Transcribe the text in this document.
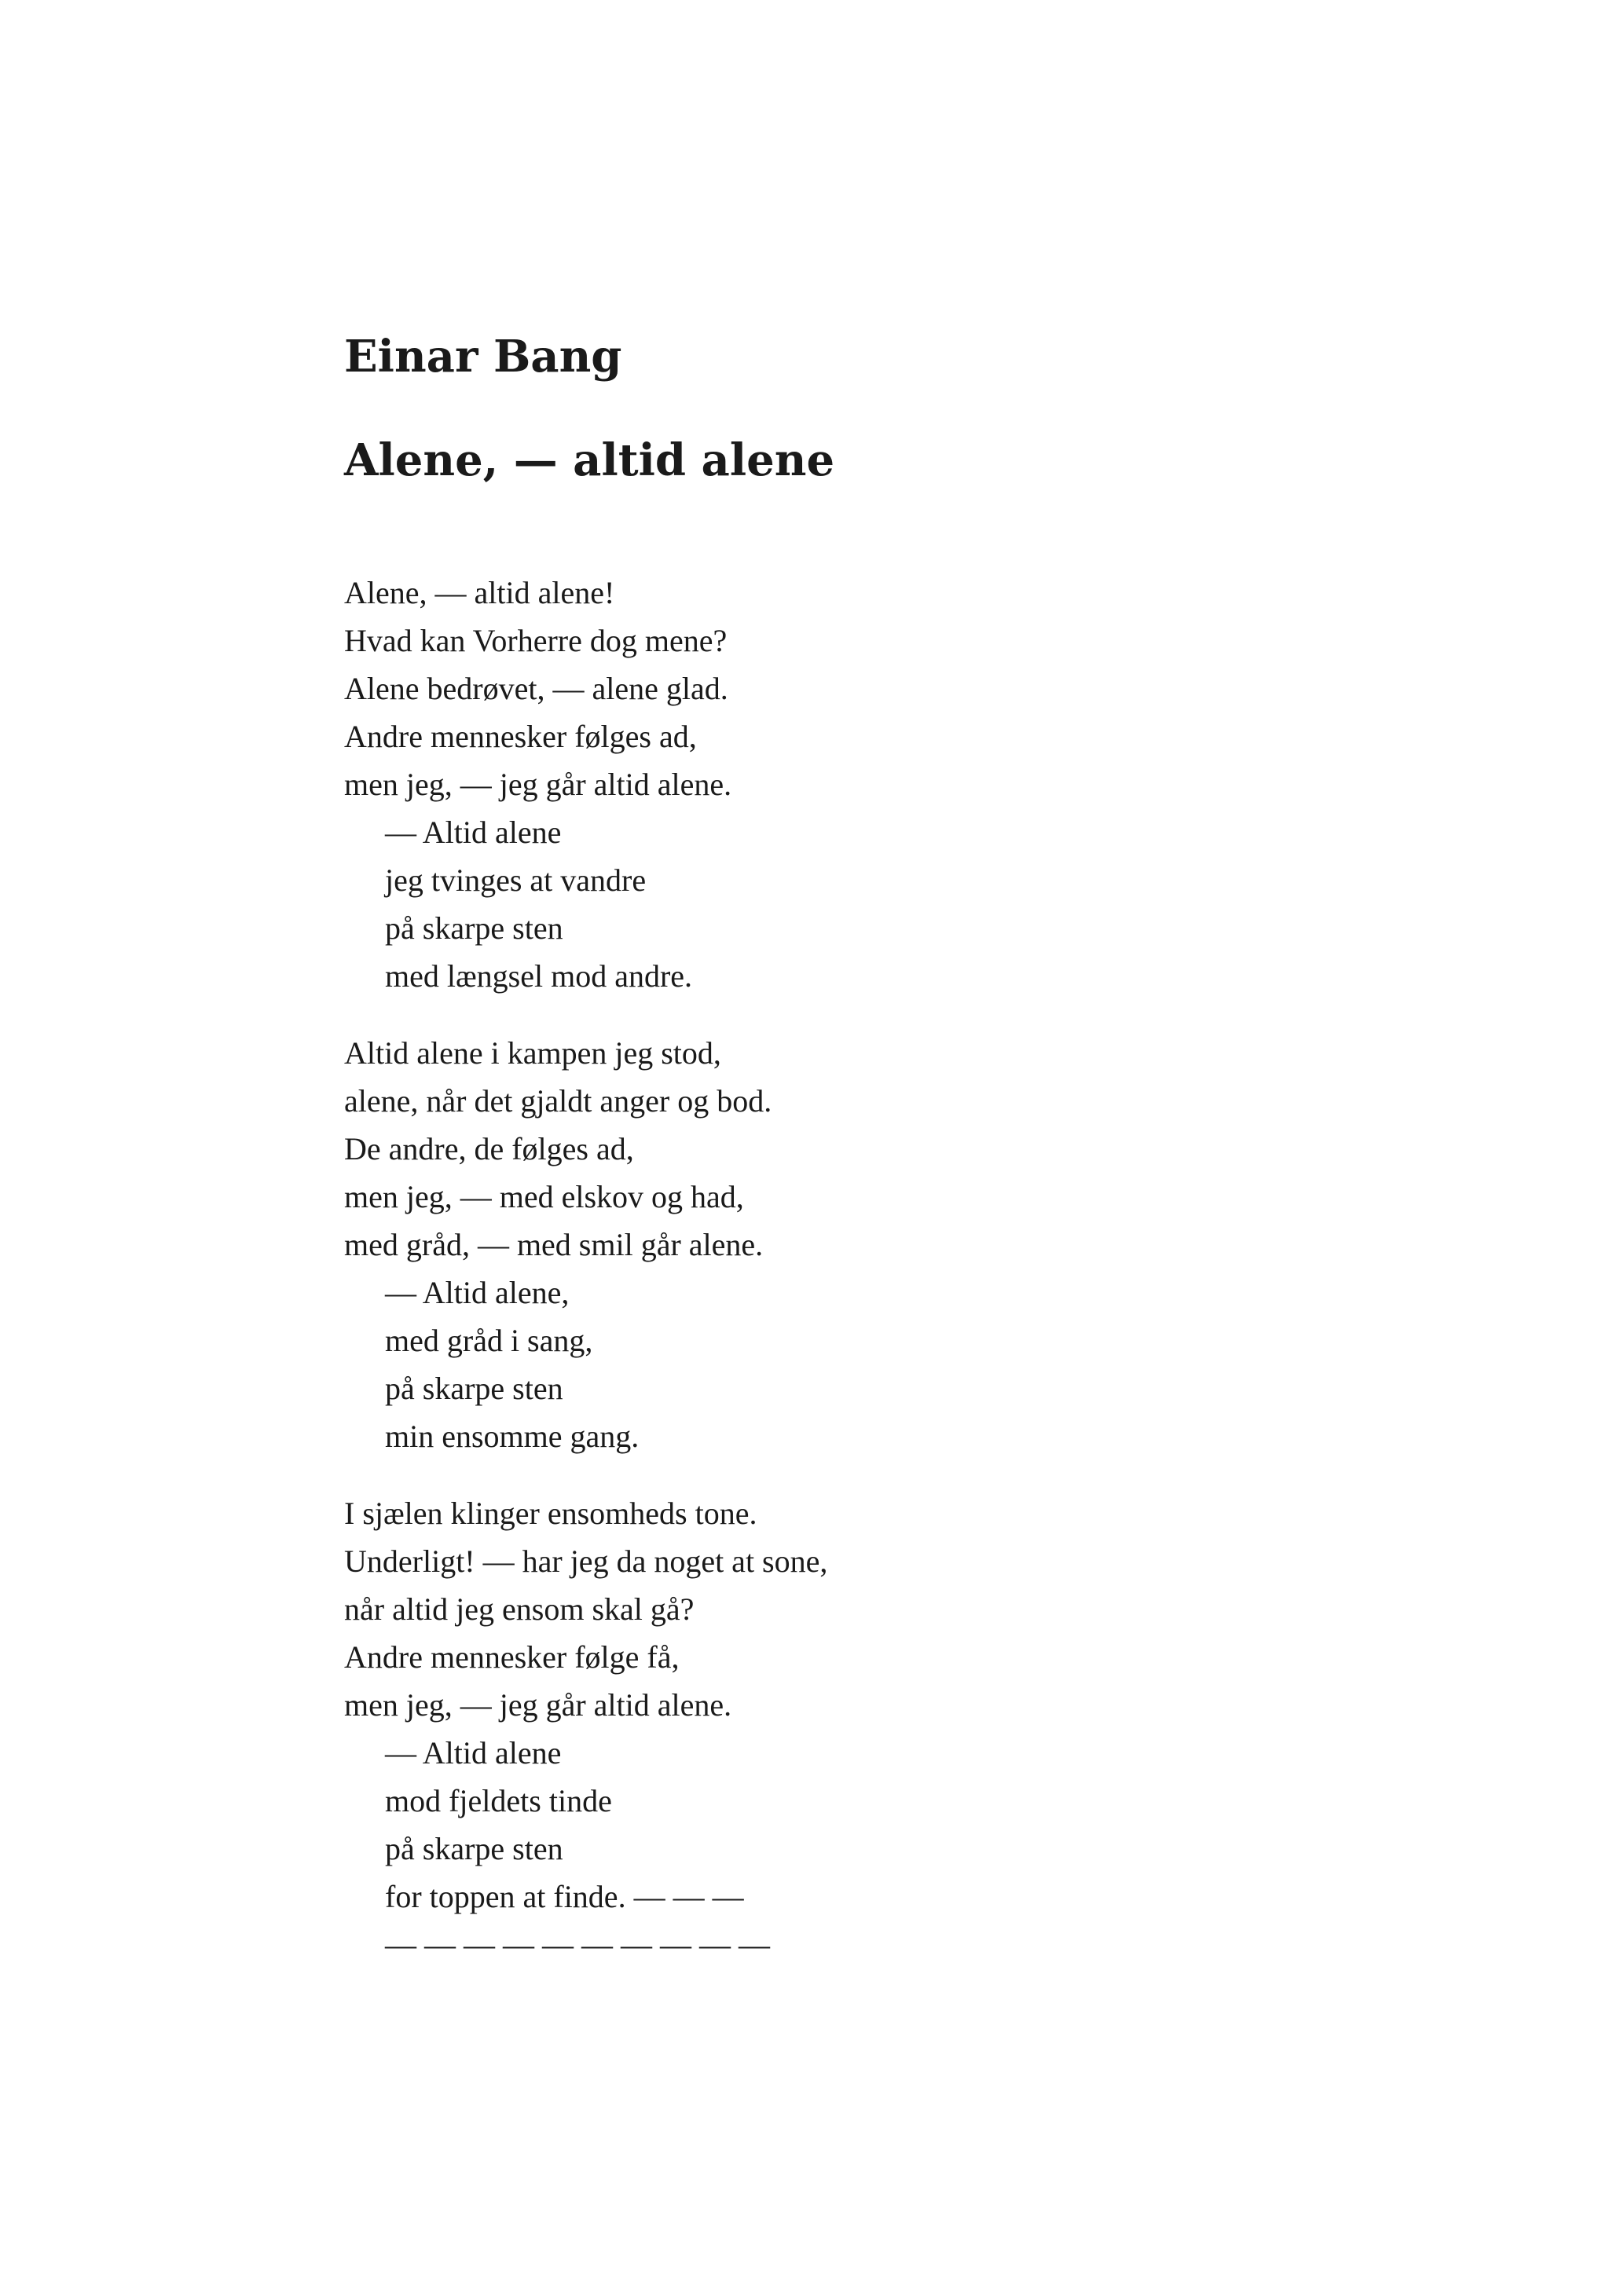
Einar Bang
Alene, — altid alene
Alene, — altid alene!
Hvad kan Vorherre dog mene?
Alene bedrøvet, — alene glad.
Andre mennesker følges ad,
men jeg, — jeg går altid alene.
— Altid alene
jeg tvinges at vandre
på skarpe sten
med længsel mod andre.
Altid alene i kampen jeg stod,
alene, når det gjaldt anger og bod.
De andre, de følges ad,
men jeg, — med elskov og had,
med gråd, — med smil går alene.
— Altid alene,
med gråd i sang,
på skarpe sten
min ensomme gang.
I sjælen klinger ensomheds tone.
Underligt! — har jeg da noget at sone,
når altid jeg ensom skal gå?
Andre mennesker følge få,
men jeg, — jeg går altid alene.
— Altid alene
mod fjeldets tinde
på skarpe sten
for toppen at finde. — — —
— — — — — — — — — —
